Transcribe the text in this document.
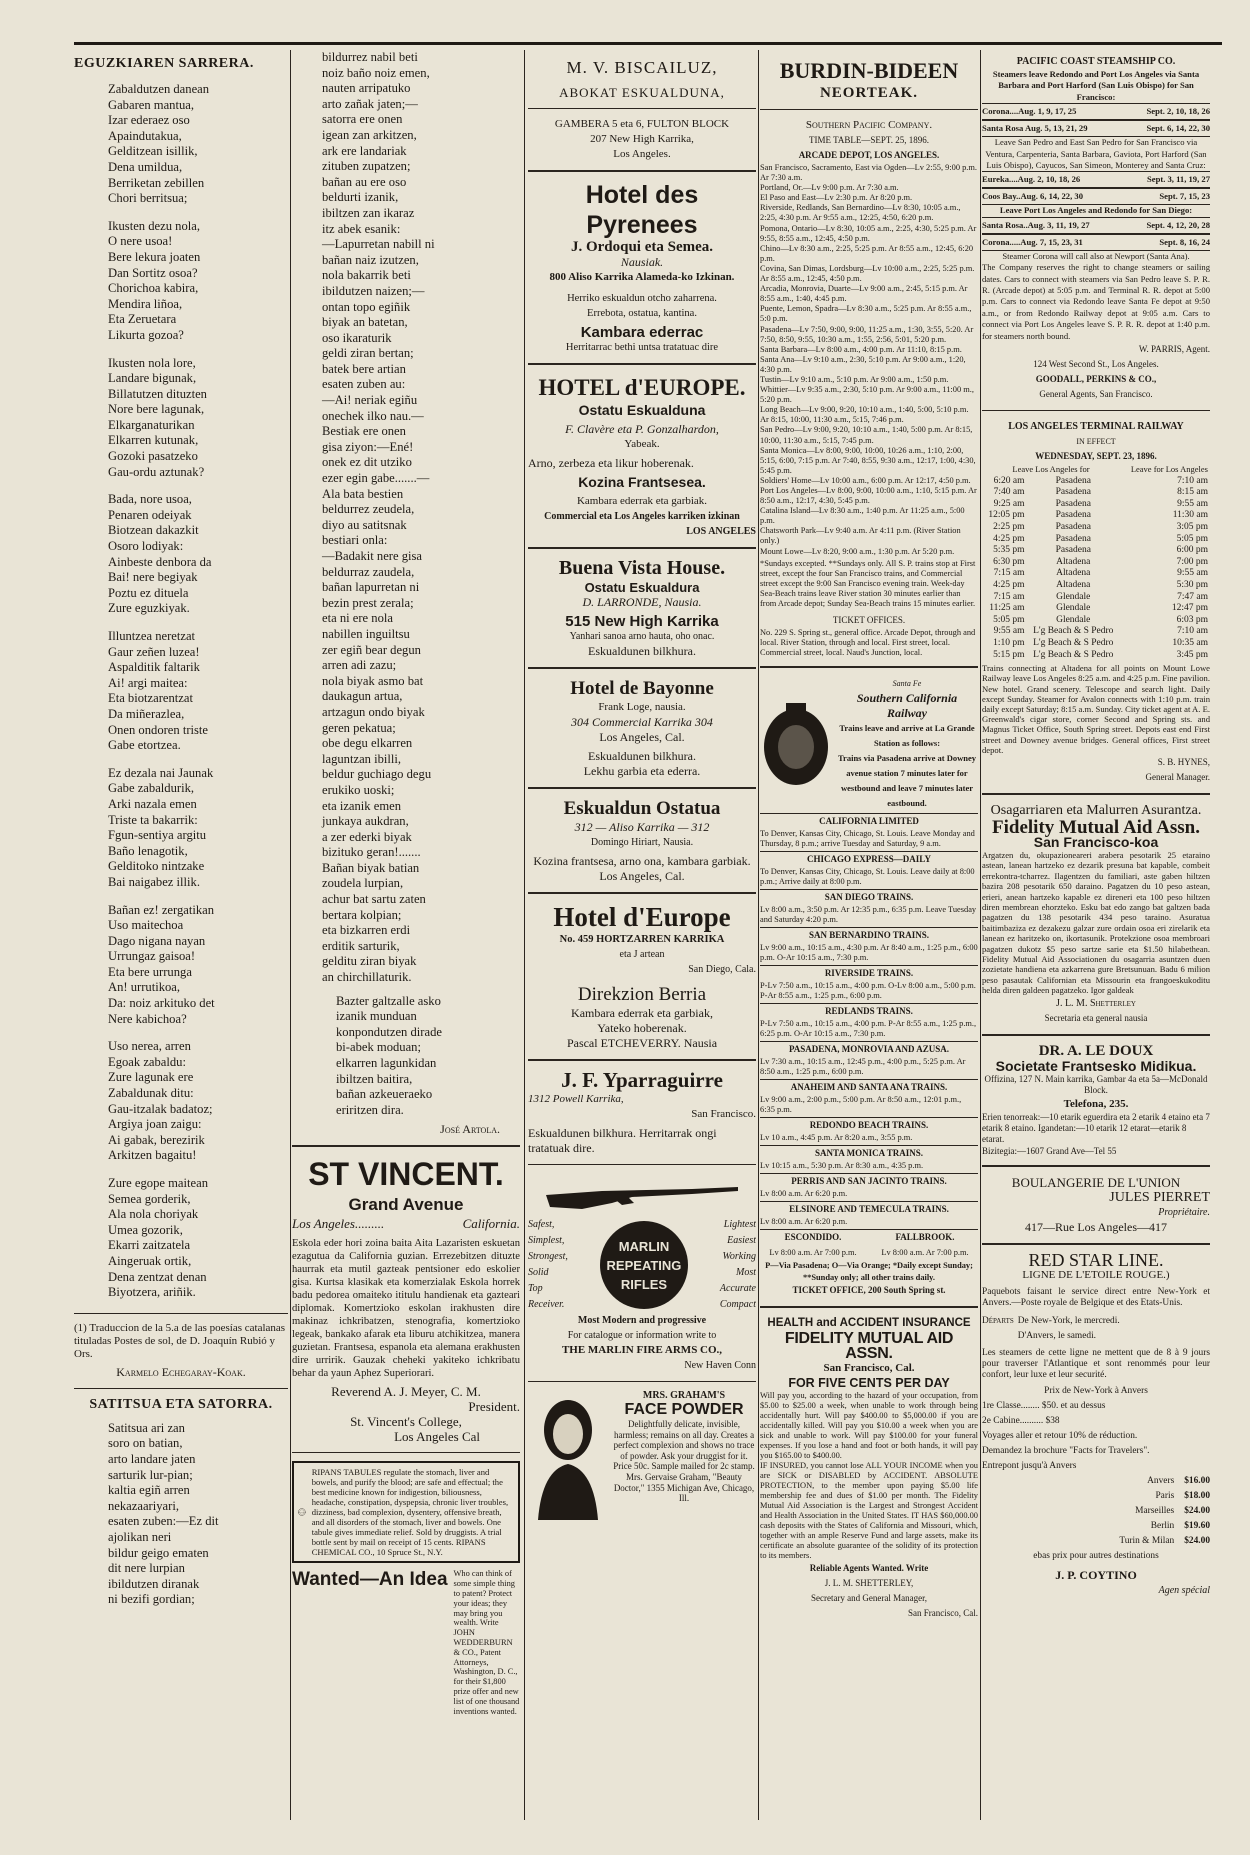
EGUZKIAREN SARRERA.

Zabaldutzen danean

Gabaren mantua,

Izar ederaez oso

Apaindutakua,

Gelditzean isillik,

Dena umildua,

Berriketan zebillen

Chori berritsua;

Ikusten dezu nola,

O nere usoa!

Bere lekura joaten

Dan Sortitz osoa?

Chorichoa kabira,

Mendira liñoa,

Eta Zeruetara

Likurta gozoa?

Ikusten nola lore,

Landare bigunak,

Billatutzen dituzten

Nore bere lagunak,

Elkarganaturikan

Elkarren kutunak,

Gozoki pasatzeko

Gau-ordu aztunak?

Bada, nore usoa,

Penaren odeiyak

Biotzean dakazkit

Osoro lodiyak:

Ainbeste denbora da

Bai! nere begiyak

Poztu ez dituela

Zure eguzkiyak.

Illuntzea neretzat

Gaur zeñen luzea!

Aspalditik faltarik

Ai! argi maitea:

Eta biotzarentzat

Da miñerazlea,

Onen ondoren triste

Gabe etortzea.

Ez dezala nai Jaunak

Gabe zabaldurik,

Arki nazala emen

Triste ta bakarrik:

Fgun-sentiya argitu

Baño lenagotik,

Gelditoko nintzake

Bai naigabez illik.

Bañan ez! zergatikan

Uso maitechoa

Dago nigana nayan

Urrungaz gaisoa!

Eta bere urrunga

An! urrutikoa,

Da: noiz arkituko det

Nere kabichoa?

Uso nerea, arren

Egoak zabaldu:

Zure lagunak ere

Zabaldunak ditu:

Gau-itzalak badatoz;

Argiya joan zaigu:

Ai gabak, berezirik

Arkitzen bagaitu!

Zure egope maitean

Semea gorderik,

Ala nola choriyak

Umea gozorik,

Ekarri zaitzatela

Aingeruak ortik,

Dena zentzat denan

Biyotzera, ariñik.

(1) Traduccion de la 5.a de las poesías catalanas tituladas Postes de sol, de D. Joaquín Rubió y Ors.
Karmelo Echegaray-Koak.
SATITSUA ETA SATORRA.

Satitsua ari zan

soro on batian,

arto landare jaten

sarturik lur-pian;

kaltia egiñ arren

nekazaariyari,

esaten zuben:—Ez dit

ajolikan neri

bildur geigo ematen

dit nere lurpian

ibildutzen diranak

ni bezifi gordian;

bildurrez nabil beti

noiz baño noiz emen,

nauten arripatuko

arto zañak jaten;—

satorra ere onen

igean zan arkitzen,

ark ere landariak

zituben zupatzen;

bañan au ere oso

beldurti izanik,

ibiltzen zan ikaraz

itz abek esanik:

—Lapurretan nabill ni

bañan naiz izutzen,

nola bakarrik beti

ibildutzen naizen;—

ontan topo egiñik

biyak an batetan,

oso ikaraturik

geldi ziran bertan;

batek bere artian

esaten zuben au:

—Ai! neriak egiñu

onechek ilko nau.—

Bestiak ere onen

gisa ziyon:—Ené!

onek ez dit utziko

ezer egin gabe.......—

Ala bata bestien

beldurrez zeudela,

diyo au satitsnak

bestiari onla:

—Badakit nere gisa

beldurraz zaudela,

bañan lapurretan ni

bezin prest zerala;

eta ni ere nola

nabillen inguiltsu

zer egiñ bear degun

arren adi zazu;

nola biyak asmo bat

daukagun artua,

artzagun ondo biyak

geren pekatua;

obe degu elkarren

laguntzan ibilli,

beldur guchiago degu

erukiko uoski;

eta izanik emen

junkaya aukdran,

a zer ederki biyak

bizituko geran!.......

Bañan biyak batian

zoudela lurpian,

achur bat sartu zaten

bertara kolpian;

eta bizkarren erdi

erditik sarturik,

gelditu ziran biyak

an chirchillaturik.

Bazter galtzalle asko

izanik munduan

konpondutzen dirade

bi-abek moduan;

elkarren lagunkidan

ibiltzen baitira,

bañan azkeueraeko

eriritzen dira.

José Artola.
ST VINCENT.
Grand Avenue
Los Angeles.........	California.
Eskola eder hori zoina baita Aita Lazaristen eskuetan ezagutua da California guzian. Errezebitzen dituzte haurrak eta mutil gazteak pentsioner edo eskolier gisa. Kurtsa klasikak eta komerzialak Eskola horrek badu pedorea omaiteko ititulu handienak eta gazteari diplomak. Komertzioko eskolan irakhusten dire makinaz ichkribatzen, stenografia, komertzioko legeak, bankako afarak eta liburu atchikitzea, manera guzietan. Frantsesa, espanola eta alemana erakhusten dire urririk. Gauzak cheheki yakiteko ichkribatu behar da yaun Aphez Superiorari.
Reverend A. J. Meyer, C. M.
President.
St. Vincent's College,
Los Angeles Cal
RIPANS TABULES
RIPANS TABULES regulate the stomach, liver and bowels, and purify the blood; are safe and effectual; the best medicine known for indigestion, biliousness, headache, constipation, dyspepsia, chronic liver troubles, dizziness, bad complexion, dysentery, offensive breath, and all disorders of the stomach, liver and bowels. One tabule gives immediate relief. Sold by druggists. A trial bottle sent by mail on receipt of 15 cents. RIPANS CHEMICAL CO., 10 Spruce St., N.Y.
Wanted—An Idea Who can think of some simple thing to patent? Protect your ideas; they may bring you wealth. Write JOHN WEDDERBURN & CO., Patent Attorneys, Washington, D. C., for their $1,800 prize offer and new list of one thousand inventions wanted.
M. V. BISCAILUZ,
ABOKAT ESKUALDUNA,
GAMBERA 5 eta 6, FULTON BLOCK
207 New High Karrika,
Los Angeles.
Hotel des Pyrenees
J. Ordoqui eta Semea.
Nausiak.
800 Aliso Karrika Alameda-ko Izkinan.
Herriko eskualdun otcho zaharrena.
Errebota, ostatua, kantina.
Kambara ederrac
Herritarrac bethi untsa tratatuac dire
HOTEL d'EUROPE.
Ostatu Eskualduna
F. Clavère eta P. Gonzalhardon,
Yabeak.
Arno, zerbeza eta likur hoberenak.
Kozina Frantsesea.
Kambara ederrak eta garbiak.
Commercial eta Los Angeles karriken izkinan
LOS ANGELES
Buena Vista House.
Ostatu Eskualdura
D. LARRONDE, Nausia.
515 New High Karrika
Yanhari sanoa arno hauta, oho onac.
Eskualdunen bilkhura.
Hotel de Bayonne
Frank Loge, nausia.
304 Commercial Karrika 304
Los Angeles, Cal.
Eskualdunen bilkhura.
Lekhu garbia eta ederra.
Eskualdun Ostatua
312 — Aliso Karrika — 312
Domingo Hiriart, Nausia.
Kozina frantsesa, arno ona, kambara garbiak.
Los Angeles, Cal.
Hotel d'Europe
No. 459 HORTZARREN KARRIKA
eta J artean
San Diego, Cala.
Direkzion Berria
Kambara ederrak eta garbiak,
Yateko hoberenak.
Pascal ETCHEVERRY. Nausia
J. F. Yparraguirre
1312 Powell Karrika,
San Francisco.
Eskualdunen bilkhura. Herritarrak ongi tratatuak dire.
Safest,
Simplest,
Strongest,
Solid
Top
Receiver.
MARLIN
REPEATING
RIFLES
Lightest
Easiest
Working
Most
Accurate
Compact
Most Modern and progressive
For catalogue or information write to
THE MARLIN FIRE ARMS CO.,
New Haven Conn
MRS. GRAHAM'S
FACE POWDER
Delightfully delicate, invisible, harmless; remains on all day. Creates a perfect complexion and shows no trace of powder. Ask your druggist for it. Price 50c. Sample mailed for 2c stamp. Mrs. Gervaise Graham, "Beauty Doctor," 1355 Michigan Ave, Chicago, Ill.
BURDIN-BIDEEN
NEORTEAK.
Southern Pacific Company.
TIME TABLE—SEPT. 25, 1896.
ARCADE DEPOT, LOS ANGELES.
San Francisco, Sacramento, East via Ogden—Lv 2:55, 9:00 p.m. Ar 7:30 a.m.
Portland, Or.—Lv 9:00 p.m. Ar 7:30 a.m.
El Paso and East—Lv 2:30 p.m. Ar 8:20 p.m.
Riverside, Redlands, San Bernardino—Lv 8:30, 10:05 a.m., 2:25, 4:30 p.m. Ar 9:55 a.m., 12:25, 4:50, 6:20 p.m.
Pomona, Ontario—Lv 8:30, 10:05 a.m., 2:25, 4:30, 5:25 p.m. Ar 9:55, 8:55 a.m., 12:45, 4:50 p.m.
Chino—Lv 8:30 a.m., 2:25, 5:25 p.m. Ar 8:55 a.m., 12:45, 6:20 p.m.
Covina, San Dimas, Lordsburg—Lv 10:00 a.m., 2:25, 5:25 p.m. Ar 8:55 a.m., 12:45, 4:50 p.m.
Arcadia, Monrovia, Duarte—Lv 9:00 a.m., 2:45, 5:15 p.m. Ar 8:55 a.m., 1:40, 4:45 p.m.
Puente, Lemon, Spadra—Lv 8:30 a.m., 5:25 p.m. Ar 8:55 a.m., 5:0 p.m.
Pasadena—Lv 7:50, 9:00, 9:00, 11:25 a.m., 1:30, 3:55, 5:20. Ar 7:50, 8:50, 9:55, 10:30 a.m., 1:55, 2:56, 5:01, 5:20 p.m.
Santa Barbara—Lv 8:00 a.m., 4:00 p.m. Ar 11:10, 8:15 p.m.
Santa Ana—Lv 9:10 a.m., 2:30, 5:10 p.m. Ar 9:00 a.m., 1:20, 4:30 p.m.
Tustin—Lv 9:10 a.m., 5:10 p.m. Ar 9:00 a.m., 1:50 p.m.
Whittier—Lv 9:35 a.m., 2:30, 5:10 p.m. Ar 9:00 a.m., 11:00 m., 5:20 p.m.
Long Beach—Lv 9:00, 9:20, 10:10 a.m., 1:40, 5:00, 5:10 p.m. Ar 8:15, 10:00, 11:30 a.m., 5:15, 7:46 p.m.
San Pedro—Lv 9:00, 9:20, 10:10 a.m., 1:40, 5:00 p.m. Ar 8:15, 10:00, 11:30 a.m., 5:15, 7:45 p.m.
Santa Monica—Lv 8:00, 9:00, 10:00, 10:26 a.m., 1:10, 2:00, 5:15, 6:00, 7:15 p.m. Ar 7:40, 8:55, 9:30 a.m., 12:17, 1:00, 4:30, 5:45 p.m.
Soldiers' Home—Lv 10:00 a.m., 6:00 p.m. Ar 12:17, 4:50 p.m.
Port Los Angeles—Lv 8:00, 9:00, 10:00 a.m., 1:10, 5:15 p.m. Ar 8:50 a.m., 12:17, 4:30, 5:45 p.m.
Catalina Island—Lv 8:30 a.m., 1:40 p.m. Ar 11:25 a.m., 5:00 p.m.
Chatsworth Park—Lv 9:40 a.m. Ar 4:11 p.m. (River Station only.)
Mount Lowe—Lv 8:20, 9:00 a.m., 1:30 p.m. Ar 5:20 p.m.
*Sundays excepted. **Sundays only. All S. P. trains stop at First street, except the four San Francisco trains, and Commercial street except the 9:00 San Francisco evening train. Week-day Sea-Beach trains leave River station 30 minutes earlier than from Arcade depot; Sunday Sea-Beach trains 15 minutes earlier.
TICKET OFFICES.
No. 229 S. Spring st., general office. Arcade Depot, through and local. River Station, through and local. First street, local. Commercial street, local. Naud's Junction, local.
Santa Fe
Southern California Railway
Trains leave and arrive at La Grande Station as follows:
Trains via Pasadena arrive at Downey avenue station 7 minutes later for westbound and leave 7 minutes later eastbound.
CALIFORNIA LIMITED
To Denver, Kansas City, Chicago, St. Louis. Leave Monday and Thursday, 8 p.m.; arrive Tuesday and Saturday, 9 a.m.
CHICAGO EXPRESS—DAILY
To Denver, Kansas City, Chicago, St. Louis. Leave daily at 8:00 p.m.; Arrive daily at 8:00 p.m.
SAN DIEGO TRAINS.
Lv 8:00 a.m., 3:50 p.m. Ar 12:35 p.m., 6:35 p.m. Leave Tuesday and Saturday 4:20 p.m.
SAN BERNARDINO TRAINS.
Lv 9:00 a.m., 10:15 a.m., 4:30 p.m. Ar 8:40 a.m., 1:25 p.m., 6:00 p.m. O-Ar 10:15 a.m., 7:30 p.m.
RIVERSIDE TRAINS.
P-Lv 7:50 a.m., 10:15 a.m., 4:00 p.m. O-Lv 8:00 a.m., 5:00 p.m. P-Ar 8:55 a.m., 1:25 p.m., 6:00 p.m.
REDLANDS TRAINS.
P-Lv 7:50 a.m., 10:15 a.m., 4:00 p.m. P-Ar 8:55 a.m., 1:25 p.m., 6:25 p.m. O-Ar 10:15 a.m., 7:30 p.m.
PASADENA, MONROVIA AND AZUSA.
Lv 7:30 a.m., 10:15 a.m., 12:45 p.m., 4:00 p.m., 5:25 p.m. Ar 8:50 a.m., 1:25 p.m., 6:00 p.m.
ANAHEIM AND SANTA ANA TRAINS.
Lv 9:00 a.m., 2:00 p.m., 5:00 p.m. Ar 8:50 a.m., 12:01 p.m., 6:35 p.m.
REDONDO BEACH TRAINS.
Lv 10 a.m., 4:45 p.m. Ar 8:20 a.m., 3:55 p.m.
SANTA MONICA TRAINS.
Lv 10:15 a.m., 5:30 p.m. Ar 8:30 a.m., 4:35 p.m.
PERRIS AND SAN JACINTO TRAINS.
Lv 8:00 a.m. Ar 6:20 p.m.
ELSINORE AND TEMECULA TRAINS.
Lv 8:00 a.m. Ar 6:20 p.m.
ESCONDIDO.
Lv 8:00 a.m. Ar 7:00 p.m.
FALLBROOK.
Lv 8:00 a.m. Ar 7:00 p.m.
P—Via Pasadena; O—Via Orange; *Daily except Sunday; **Sunday only; all other trains daily.
TICKET OFFICE, 200 South Spring st.
HEALTH and ACCIDENT INSURANCE
FIDELITY MUTUAL AID ASSN.
San Francisco, Cal.
FOR FIVE CENTS PER DAY
Will pay you, according to the hazard of your occupation, from $5.00 to $25.00 a week, when unable to work through being accidentally hurt. Will pay $400.00 to $5,000.00 if you are accidentally killed. Will pay you $10.00 a week when you are sick and unable to work. Will pay $100.00 for your funeral expenses. If you lose a hand and foot or both hands, it will pay you $165.00 to $400.00.
IF INSURED, you cannot lose ALL YOUR INCOME when you are SICK or DISABLED by ACCIDENT. ABSOLUTE PROTECTION, to the member upon paying $5.00 life membership fee and dues of $1.00 per month. The Fidelity Mutual Aid Association is the Largest and Strongest Accident and Health Association in the United States. IT HAS $60,000.00 cash deposits with the States of California and Missouri, which, together with an ample Reserve Fund and large assets, make its certificate an absolute guarantee of the solidity of its protection to its members.
Reliable Agents Wanted. Write
J. L. M. SHETTERLEY,
Secretary and General Manager,
San Francisco, Cal.
PACIFIC COAST STEAMSHIP CO.
Steamers leave Redondo and Port Los Angeles via Santa Barbara and Port Harford (San Luis Obispo) for San Francisco:
Corona....Aug. 1, 9, 17, 25	Sept. 2, 10, 18, 26
Santa Rosa Aug. 5, 13, 21, 29	Sept. 6, 14, 22, 30
Leave San Pedro and East San Pedro for San Francisco via Ventura, Carpenteria, Santa Barbara, Gaviota, Port Harford (San Luis Obispo), Cayucos, San Simeon, Monterey and Santa Cruz:
Eureka....Aug. 2, 10, 18, 26	Sept. 3, 11, 19, 27
Coos Bay..Aug. 6, 14, 22, 30	Sept. 7, 15, 23
Leave Port Los Angeles and Redondo for San Diego:
Santa Rosa..Aug. 3, 11, 19, 27	Sept. 4, 12, 20, 28
Corona.....Aug. 7, 15, 23, 31	Sept. 8, 16, 24
Steamer Corona will call also at Newport (Santa Ana).
The Company reserves the right to change steamers or sailing dates. Cars to connect with steamers via San Pedro leave S. P. R. R. (Arcade depot) at 5:05 p.m. and Terminal R. R. depot at 5:00 p.m. Cars to connect via Redondo leave Santa Fe depot at 9:50 a.m., or from Redondo Railway depot at 9:05 a.m. Cars to connect via Port Los Angeles leave S. P. R. R. depot at 1:40 p.m. for steamers north bound.
W. PARRIS, Agent.
124 West Second St., Los Angeles.
GOODALL, PERKINS & CO.,
General Agents, San Francisco.
LOS ANGELES TERMINAL RAILWAY
IN EFFECT
WEDNESDAY, SEPT. 23, 1896.
Leave Los Angeles for		Leave for Los Angeles
6:20 am	Pasadena	7:10 am
7:40 am	Pasadena	8:15 am
9:25 am	Pasadena	9:55 am
12:05 pm	Pasadena	11:30 am
2:25 pm	Pasadena	3:05 pm
4:25 pm	Pasadena	5:05 pm
5:35 pm	Pasadena	6:00 pm
6:30 pm	Altadena	7:00 pm
7:15 am	Altadena	9:55 am
4:25 pm	Altadena	5:30 pm
7:15 am	Glendale	7:47 am
11:25 am	Glendale	12:47 pm
5:05 pm	Glendale	6:03 pm
9:55 am	L'g Beach & S Pedro	7:10 am
1:10 pm	L'g Beach & S Pedro	10:35 am
5:15 pm	L'g Beach & S Pedro	3:45 pm
Trains connecting at Altadena for all points on Mount Lowe Railway leave Los Angeles 8:25 a.m. and 4:25 p.m. Fine pavilion. New hotel. Grand scenery. Telescope and search light. Daily except Sunday. Steamer for Avalon connects with 1:10 p.m. train daily except Saturday; 8:15 a.m. Sunday. City ticket agent at A. E. Greenwald's cigar store, corner Second and Spring sts. and Magnus Ticket Office, South Spring street. Depots east end First street and Downey avenue bridges. General offices, First street depot.
S. B. HYNES,
General Manager.
Osagarriaren eta Malurren Asurantza.
Fidelity Mutual Aid Assn.
San Francisco-koa
Argatzen du, okupazioneareri arabera pesotarik 25 etaraino astean, lanean hartzeko ez dezarik presuna bat kapable, combeit errekontra-tcharrez. Ilagentzen du familiari, aste gaben hiltzen bazira 208 pesotarik 650 daraino. Pagatzen du 10 peso astean, erieri, anean hartzeko kapable ez direneri eta 100 peso hiltzen diren membrean ehorzteko. Esku bat edo zango bat galtzen bada pagatzen du 138 pesotarik 434 peso taraino. Asuratua baitimbaziza ez dezakezu galzar zure ordain osoa eri zirelarik eta lanean ez haritzeko on, ikortasunik. Protekzione osoa membroari pagatzen dukotz $5 peso sartze sarie eta $1.50 hilabethean. Fidelity Mutual Aid Associationen du osagarria asuntzen duen zozietate handiena eta azkarrena gure Bretsunuan. Badu 6 milion peso pasautak Californian eta Missourin eta frangoeskukoditu helda diren galdeen pagatzeko. Igor galdeak
J. L. M. Shetterley
Secretaria eta general nausia
DR. A. LE DOUX
Societate Frantsesko Midikua.
Offizina, 127 N. Main karrika, Gambar 4a eta 5a—McDonald Block.
Telefona, 235.
Erien tenorreak:—10 etarik eguerdira eta 2 etarik 4 etaino eta 7 etarik 8 etaino. Igandetan:—10 etarik 12 etarat—etarik 8 etarat.
Bizitegia:—1607 Grand Ave—Tel 55
BOULANGERIE DE L'UNION
JULES PIERRET
Propriétaire.
417—Rue Los Angeles—417
RED STAR LINE.
LIGNE DE L'ETOILE ROUGE.)
Paquebots faisant le service direct entre New-York et Anvers.—Poste royale de Belgique et des Etats-Unis.
Départs De New-York, le mercredi.
D'Anvers, le samedi.
Les steamers de cette ligne ne mettent que de 8 à 9 jours pour traverser l'Atlantique et sont renommés pour leur confort, leur luxe et leur securité.
Prix de New-York à Anvers
1re Classe........ $50. et au dessus
2e Cabine.......... $38
Voyages aller et retour 10% de réduction.
Demandez la brochure "Facts for Travelers".
Entrepont jusqu'à Anvers
Anvers $16.00
Paris $18.00
Marseilles $24.00
Berlin $19.60
Turin & Milan $24.00
ebas prix pour autres destinations
J. P. COYTINO
Agen spécial
